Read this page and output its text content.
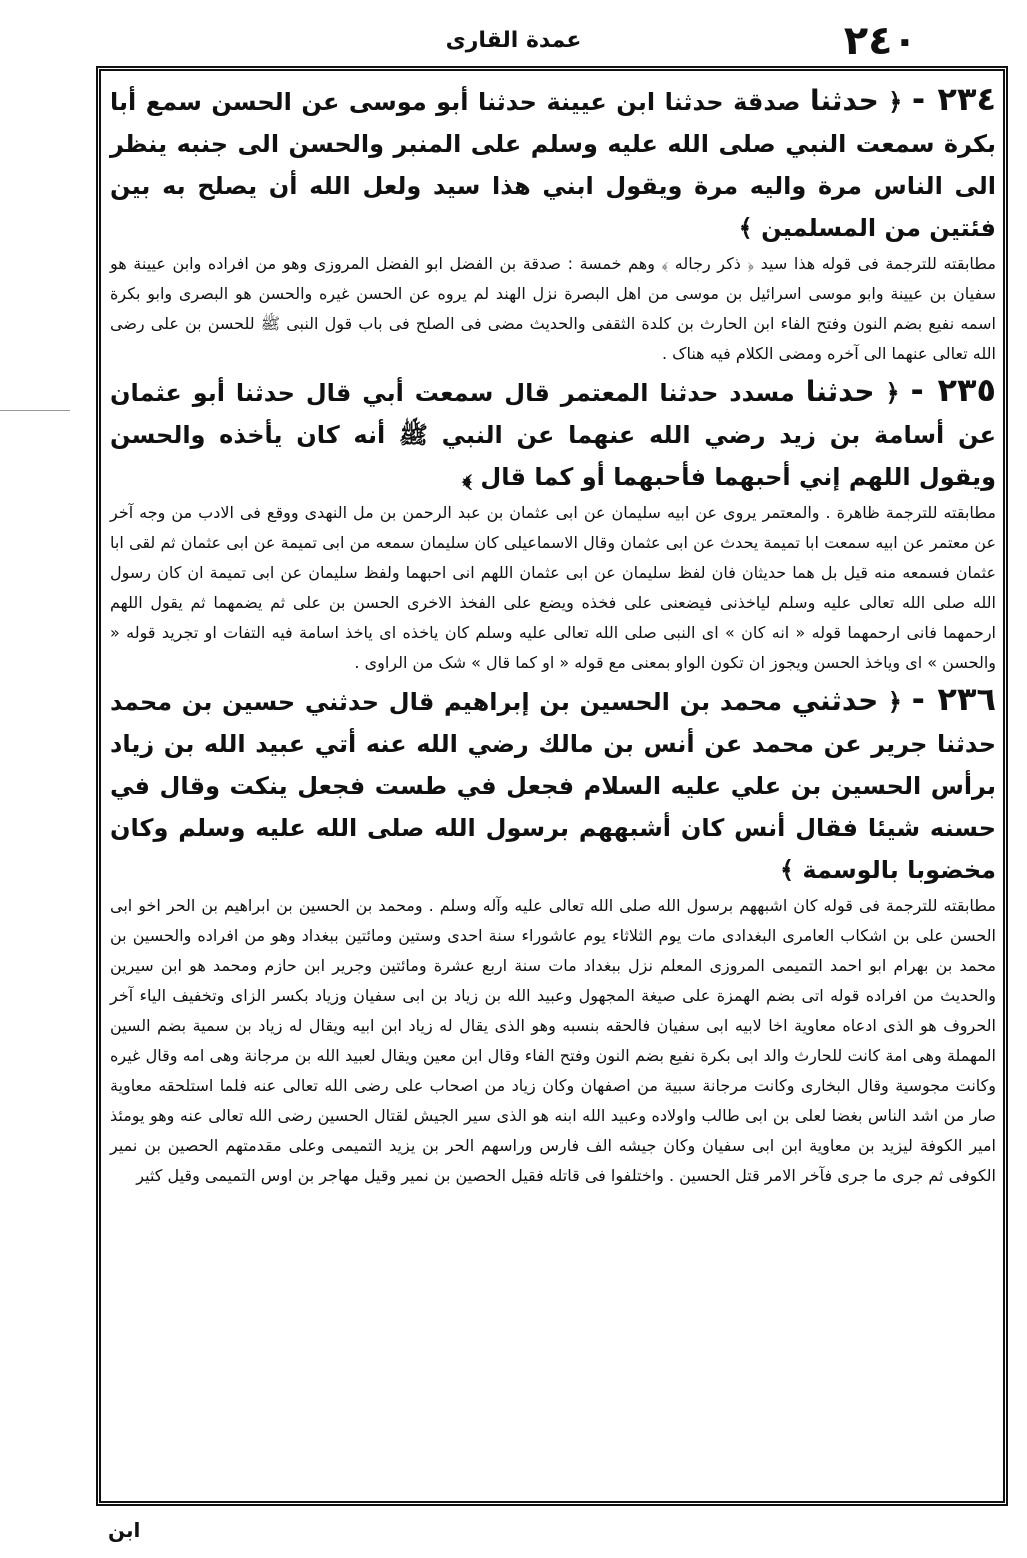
٢٤٠
عمدة القاری

٢٣٤ - ﴿ حدثنا صدقة حدثنا ابن عيينة حدثنا أبو موسى عن الحسن سمع أبا بكرة سمعت النبي صلى الله عليه وسلم على المنبر والحسن الى جنبه ينظر الى الناس مرة واليه مرة ويقول ابني هذا سيد ولعل الله أن يصلح به بين فئتين من المسلمين ﴾

مطابقته للترجمة فی قوله هذا سید ﴿ ذکر رجاله ﴾ وهم خمسة : صدقة بن الفضل ابو الفضل المروزی وهو من افراده وابن عیینة هو سفیان بن عیینة وابو موسی اسرائیل بن موسی من اهل البصرة نزل الهند لم یروه عن الحسن غیره والحسن هو البصری وابو بکرة اسمه نفیع بضم النون وفتح الفاء ابن الحارث بن کلدة الثقفی والحدیث مضی فی الصلح فی باب قول النبی ﷺ للحسن بن علی رضی الله تعالی عنهما الی آخره ومضی الکلام فیه هناک .

٢٣٥ - ﴿ حدثنا مسدد حدثنا المعتمر قال سمعت أبي قال حدثنا أبو عثمان عن أسامة بن زيد رضي الله عنهما عن النبي ﷺ أنه كان يأخذه والحسن ويقول اللهم إني أحبهما فأحبهما أو كما قال ﴾

مطابقته للترجمة ظاهرة . والمعتمر یروی عن ابیه سلیمان عن ابی عثمان بن عبد الرحمن بن مل النهدی ووقع فی الادب من وجه آخر عن معتمر عن ابیه سمعت ابا تمیمة یحدث عن ابی عثمان وقال الاسماعیلی کان سلیمان سمعه من ابی تمیمة عن ابی عثمان ثم لقی ابا عثمان فسمعه منه قیل بل هما حدیثان فان لفظ سلیمان عن ابی عثمان اللهم انی احبهما ولفظ سلیمان عن ابی تمیمة ان کان رسول الله صلی الله تعالی علیه وسلم لیاخذنی فیضعنی علی فخذه ویضع علی الفخذ الاخری الحسن بن علی ثم یضمهما ثم یقول اللهم ارحمهما فانی ارحمهما قوله « انه کان » ای النبی صلی الله تعالی علیه وسلم کان یاخذه ای یاخذ اسامة فیه التفات او تجرید قوله « والحسن » ای ویاخذ الحسن ویجوز ان تکون الواو بمعنی مع قوله « او کما قال » شک من الراوی .

٢٣٦ - ﴿ حدثني محمد بن الحسين بن إبراهيم قال حدثني حسين بن محمد حدثنا جرير عن محمد عن أنس بن مالك رضي الله عنه أتي عبيد الله بن زياد برأس الحسين بن علي عليه السلام فجعل في طست فجعل ينكت وقال في حسنه شيئا فقال أنس كان أشبههم برسول الله صلى الله عليه وسلم وكان مخضوبا بالوسمة ﴾

مطابقته للترجمة فی قوله کان اشبههم برسول الله صلی الله تعالی علیه وآله وسلم . ومحمد بن الحسین بن ابراهیم بن الحر اخو ابی الحسن علی بن اشکاب العامری البغدادی مات یوم الثلاثاء یوم عاشوراء سنة احدی وستین ومائتین ببغداد وهو من افراده والحسین بن محمد بن بهرام ابو احمد التمیمی المروزی المعلم نزل ببغداد مات سنة اربع عشرة ومائتین وجریر ابن حازم ومحمد هو ابن سیرین والحدیث من افراده قوله اتی بضم الهمزة علی صیغة المجهول وعبید الله بن زیاد بن ابی سفیان وزیاد بکسر الزای وتخفیف الیاء آخر الحروف هو الذی ادعاه معاویة اخا لابیه ابی سفیان فالحقه بنسبه وهو الذی یقال له زیاد ابن ابیه ویقال له زیاد بن سمیة بضم السین المهملة وهی امة کانت للحارث والد ابی بکرة نفیع بضم النون وفتح الفاء وقال ابن معین ویقال لعبید الله بن مرجانة وهی امه وقال غیره وکانت مجوسیة وقال البخاری وکانت مرجانة سبیة من اصفهان وکان زیاد من اصحاب علی رضی الله تعالی عنه فلما استلحقه معاویة صار من اشد الناس بغضا لعلی بن ابی طالب واولاده وعبید الله ابنه هو الذی سیر الجیش لقتال الحسین رضی الله تعالی عنه وهو یومئذ امیر الکوفة لیزید بن معاویة ابن ابی سفیان وکان جیشه الف فارس وراسهم الحر بن یزید التمیمی وعلی مقدمتهم الحصین بن نمیر الکوفی ثم جری ما جری فآخر الامر قتل الحسین . واختلفوا فی قاتله فقیل الحصین بن نمیر وقیل مهاجر بن اوس التمیمی وقیل کثیر

ابن
